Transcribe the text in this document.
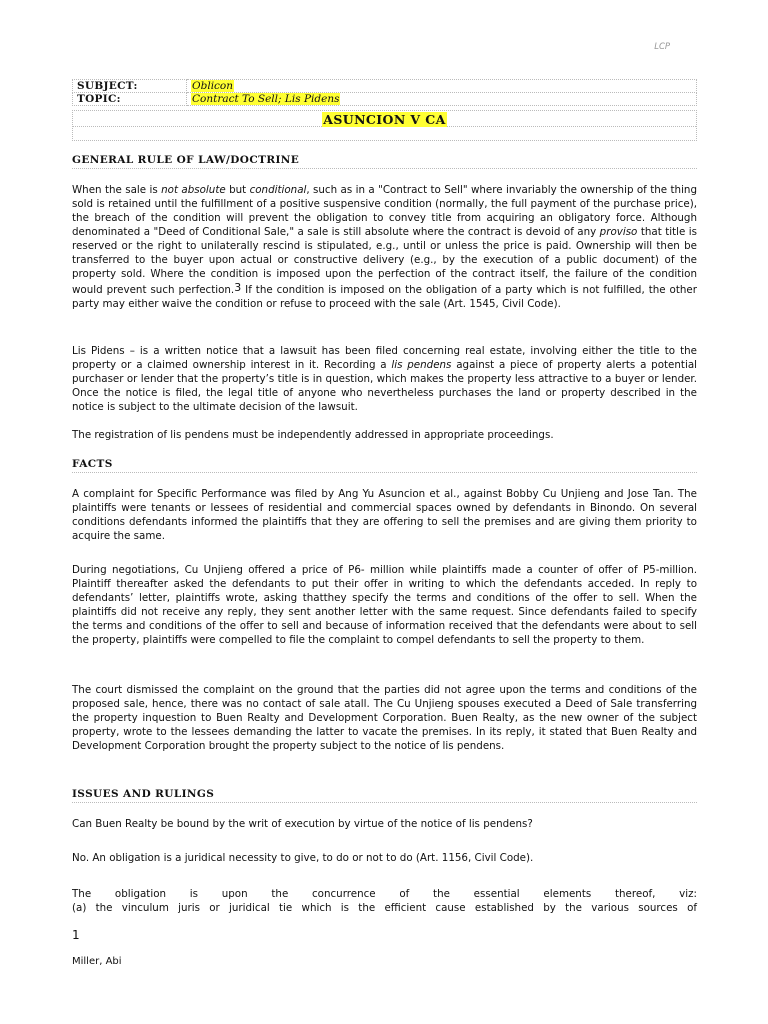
LCP
SUBJECT:	Oblicon
TOPIC:	Contract To Sell; Lis Pidens
ASUNCION V CA
GENERAL RULE OF LAW/DOCTRINE

When the sale is not absolute but conditional, such as in a "Contract to Sell" where invariably the ownership of the thing sold is retained until the fulfillment of a positive suspensive condition (normally, the full payment of the purchase price), the breach of the condition will prevent the obligation to convey title from acquiring an obligatory force. Although denominated a "Deed of Conditional Sale," a sale is still absolute where the contract is devoid of any proviso that title is reserved or the right to unilaterally rescind is stipulated, e.g., until or unless the price is paid. Ownership will then be transferred to the buyer upon actual or constructive delivery (e.g., by the execution of a public document) of the property sold. Where the condition is imposed upon the perfection of the contract itself, the failure of the condition would prevent such perfection.3 If the condition is imposed on the obligation of a party which is not fulfilled, the other party may either waive the condition or refuse to proceed with the sale (Art. 1545, Civil Code).

Lis Pidens – is a written notice that a lawsuit has been filed concerning real estate, involving either the title to the property or a claimed ownership interest in it. Recording a lis pendens against a piece of property alerts a potential purchaser or lender that the property’s title is in question, which makes the property less attractive to a buyer or lender. Once the notice is filed, the legal title of anyone who nevertheless purchases the land or property described in the notice is subject to the ultimate decision of the lawsuit.

The registration of lis pendens must be independently addressed in appropriate proceedings.

FACTS

A complaint for Specific Performance was filed by Ang Yu Asuncion et al., against Bobby Cu Unjieng and Jose Tan. The plaintiffs were tenants or lessees of residential and commercial spaces owned by defendants in Binondo. On several conditions defendants informed the plaintiffs that they are offering to sell the premises and are giving them priority to acquire the same.

During negotiations, Cu Unjieng offered a price of P6- million while plaintiffs made a counter of offer of P5-million. Plaintiff thereafter asked the defendants to put their offer in writing to which the defendants acceded. In reply to defendants’ letter, plaintiffs wrote, asking thatthey specify the terms and conditions of the offer to sell. When the plaintiffs did not receive any reply, they sent another letter with the same request. Since defendants failed to specify the terms and conditions of the offer to sell and because of information received that the defendants were about to sell the property, plaintiffs were compelled to file the complaint to compel defendants to sell the property to them.

The court dismissed the complaint on the ground that the parties did not agree upon the terms and conditions of the proposed sale, hence, there was no contact of sale atall. The Cu Unjieng spouses executed a Deed of Sale transferring the property inquestion to Buen Realty and Development Corporation. Buen Realty, as the new owner of the subject property, wrote to the lessees demanding the latter to vacate the premises. In its reply, it stated that Buen Realty and Development Corporation brought the property subject to the notice of lis pendens.

ISSUES AND RULINGS

Can Buen Realty be bound by the writ of execution by virtue of the notice of lis pendens?

No. An obligation is a juridical necessity to give, to do or not to do (Art. 1156, Civil Code).

The obligation is upon the concurrence of the essential elements thereof, viz:

(a) the vinculum juris or juridical tie which is the efficient cause established by the various sources of

1
Miller, Abi
